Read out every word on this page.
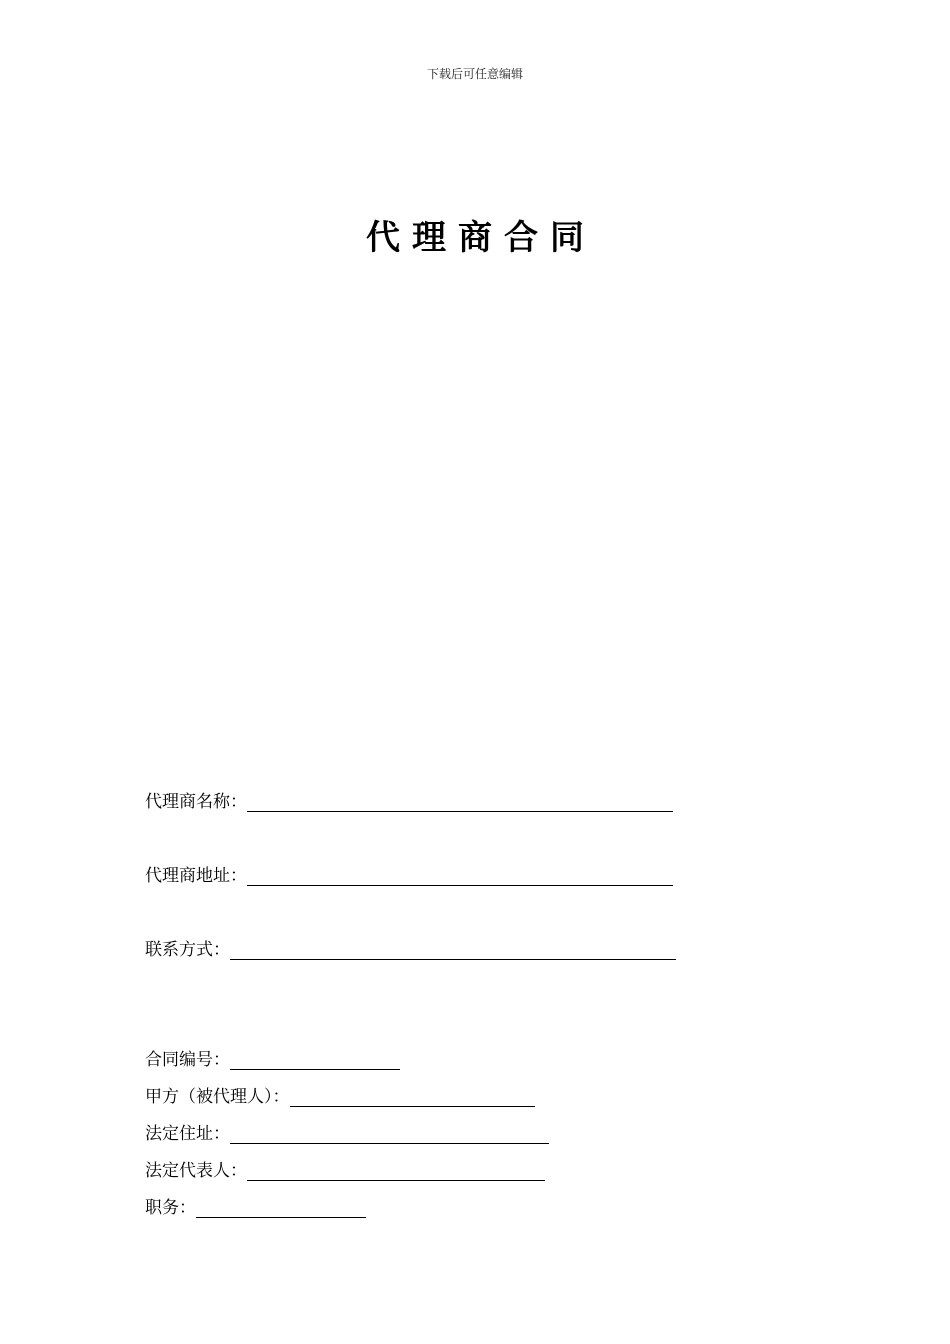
下载后可任意编辑
代理商合同
代理商名称：
代理商地址：
联系方式：
合同编号：
甲方（被代理人）：
法定住址：
法定代表人：
职务：
